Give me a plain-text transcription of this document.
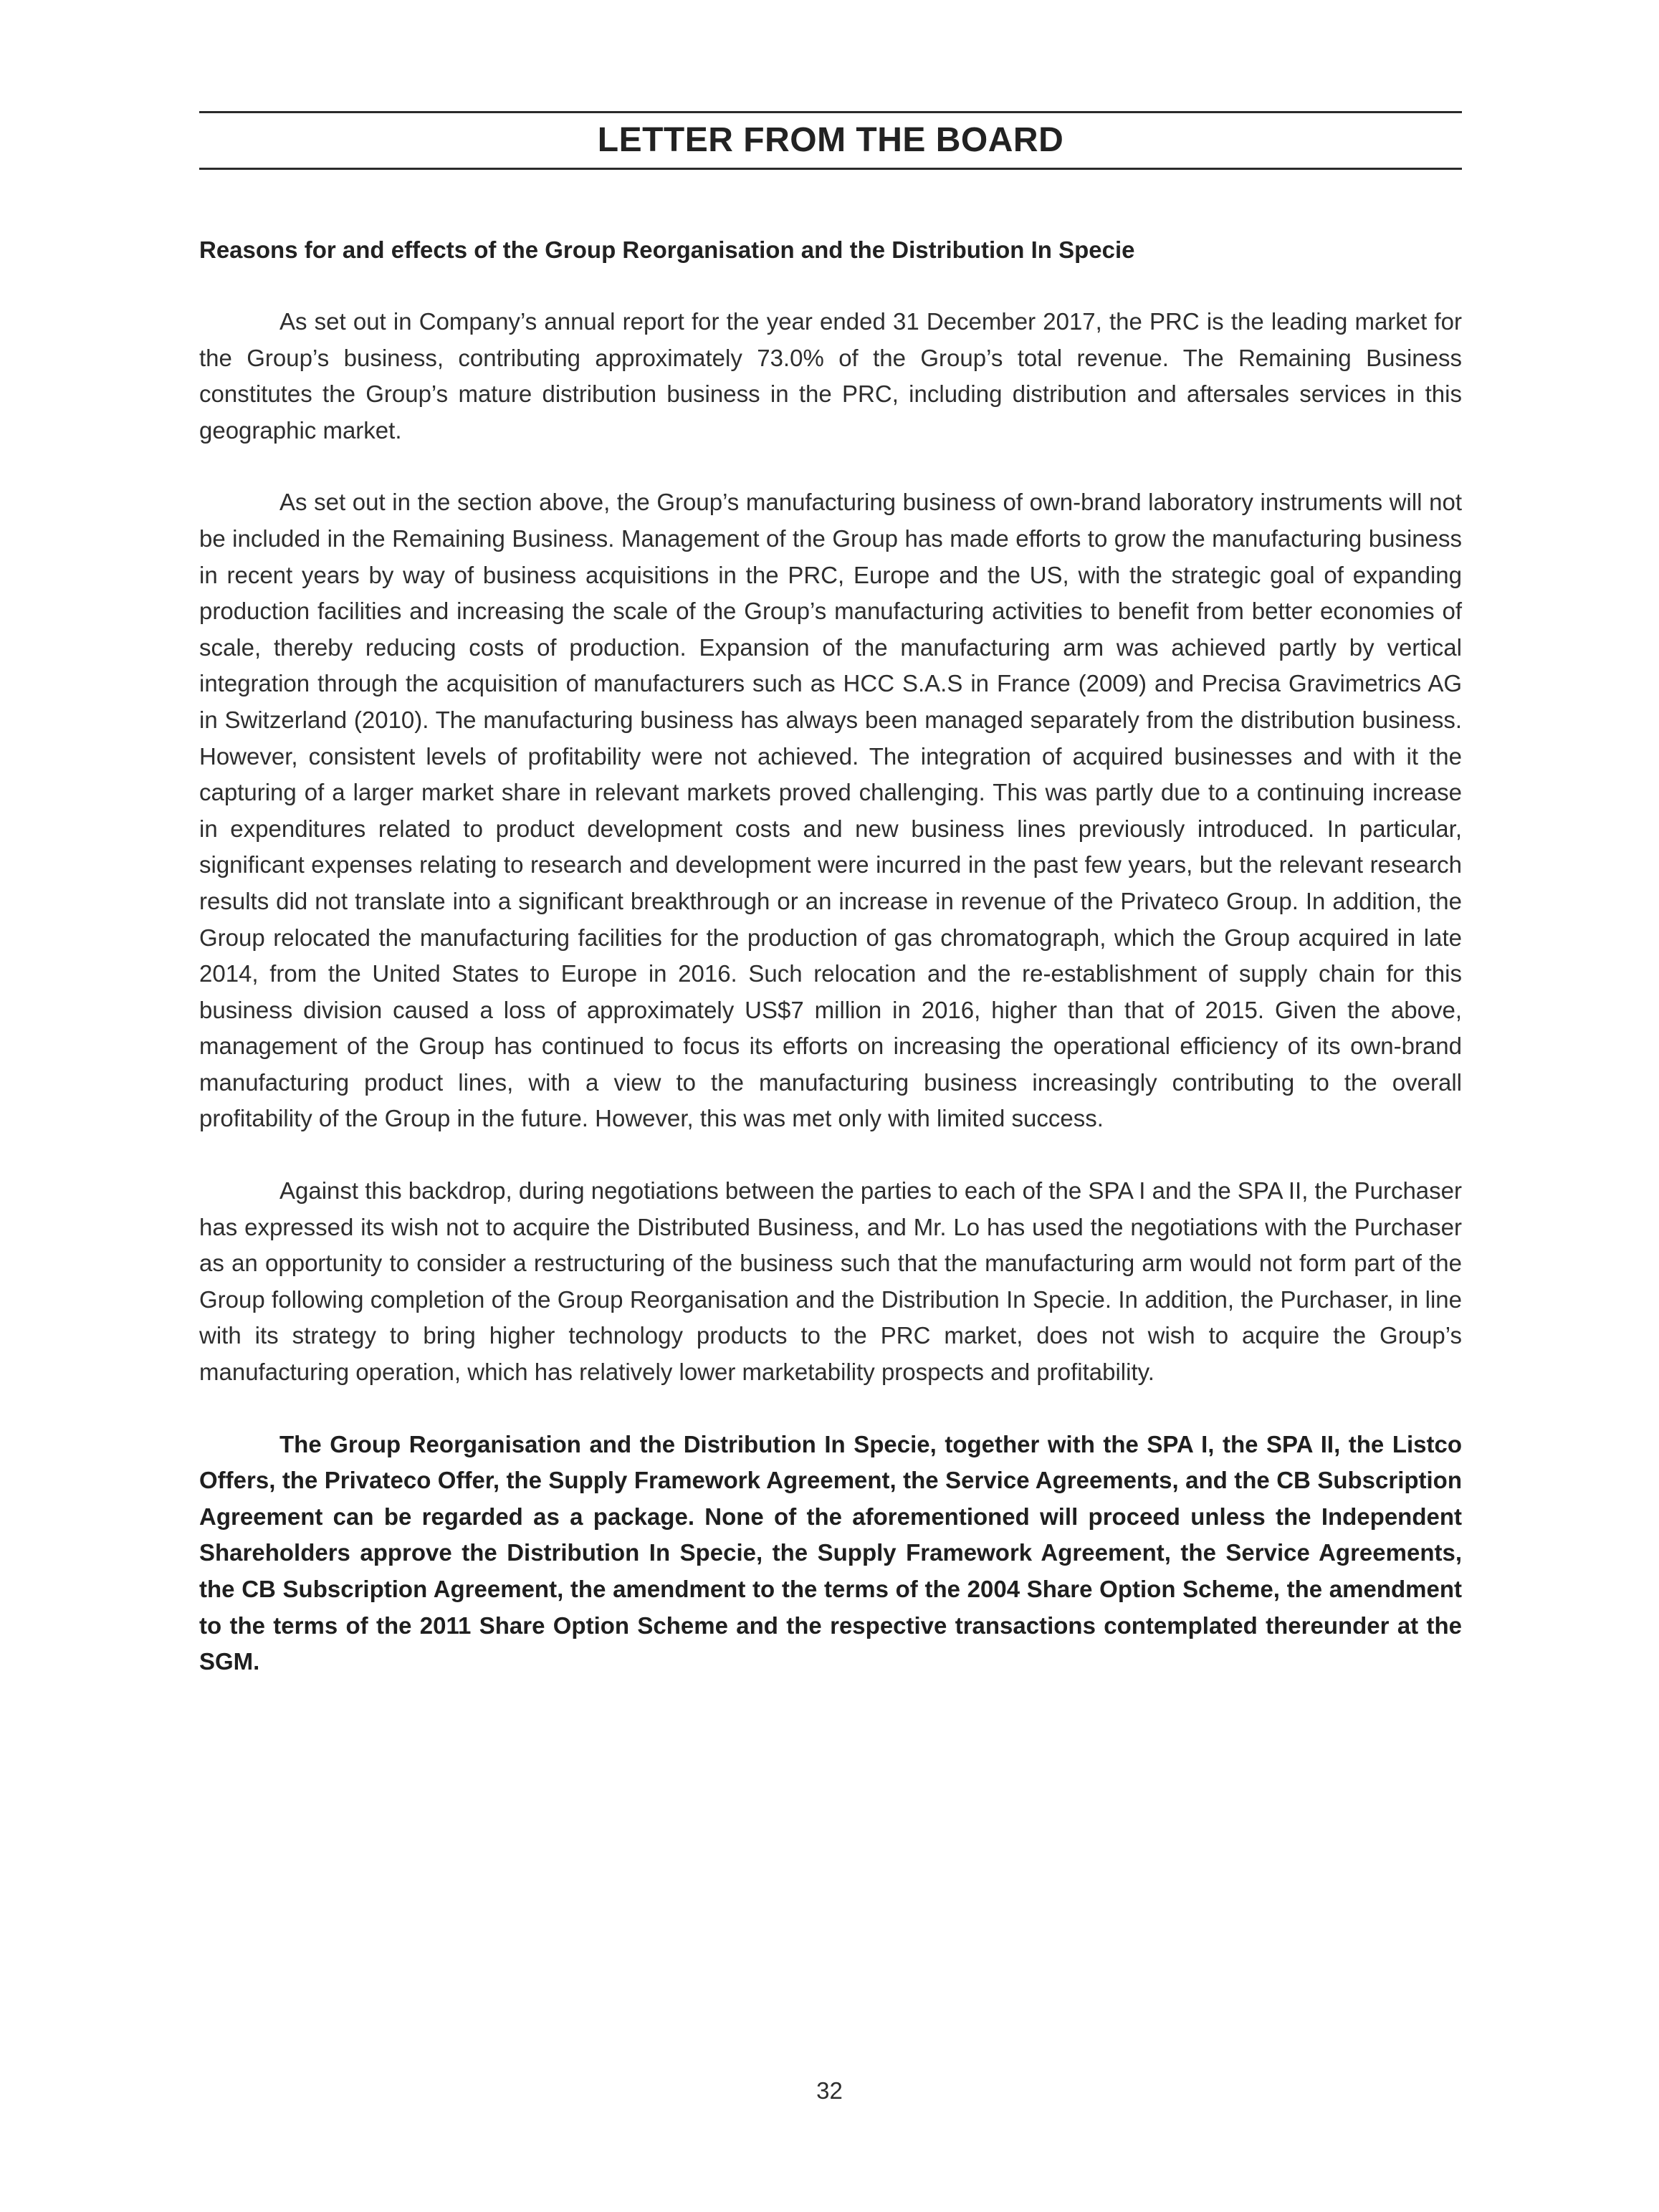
LETTER FROM THE BOARD
Reasons for and effects of the Group Reorganisation and the Distribution In Specie

As set out in Company’s annual report for the year ended 31 December 2017, the PRC is the leading market for the Group’s business, contributing approximately 73.0% of the Group’s total revenue. The Remaining Business constitutes the Group’s mature distribution business in the PRC, including distribution and aftersales services in this geographic market.

As set out in the section above, the Group’s manufacturing business of own-brand laboratory instruments will not be included in the Remaining Business. Management of the Group has made efforts to grow the manufacturing business in recent years by way of business acquisitions in the PRC, Europe and the US, with the strategic goal of expanding production facilities and increasing the scale of the Group’s manufacturing activities to benefit from better economies of scale, thereby reducing costs of production. Expansion of the manufacturing arm was achieved partly by vertical integration through the acquisition of manufacturers such as HCC S.A.S in France (2009) and Precisa Gravimetrics AG in Switzerland (2010). The manufacturing business has always been managed separately from the distribution business. However, consistent levels of profitability were not achieved. The integration of acquired businesses and with it the capturing of a larger market share in relevant markets proved challenging. This was partly due to a continuing increase in expenditures related to product development costs and new business lines previously introduced. In particular, significant expenses relating to research and development were incurred in the past few years, but the relevant research results did not translate into a significant breakthrough or an increase in revenue of the Privateco Group. In addition, the Group relocated the manufacturing facilities for the production of gas chromatograph, which the Group acquired in late 2014, from the United States to Europe in 2016. Such relocation and the re-establishment of supply chain for this business division caused a loss of approximately US$7 million in 2016, higher than that of 2015. Given the above, management of the Group has continued to focus its efforts on increasing the operational efficiency of its own-brand manufacturing product lines, with a view to the manufacturing business increasingly contributing to the overall profitability of the Group in the future. However, this was met only with limited success.

Against this backdrop, during negotiations between the parties to each of the SPA I and the SPA II, the Purchaser has expressed its wish not to acquire the Distributed Business, and Mr. Lo has used the negotiations with the Purchaser as an opportunity to consider a restructuring of the business such that the manufacturing arm would not form part of the Group following completion of the Group Reorganisation and the Distribution In Specie. In addition, the Purchaser, in line with its strategy to bring higher technology products to the PRC market, does not wish to acquire the Group’s manufacturing operation, which has relatively lower marketability prospects and profitability.

The Group Reorganisation and the Distribution In Specie, together with the SPA I, the SPA II, the Listco Offers, the Privateco Offer, the Supply Framework Agreement, the Service Agreements, and the CB Subscription Agreement can be regarded as a package. None of the aforementioned will proceed unless the Independent Shareholders approve the Distribution In Specie, the Supply Framework Agreement, the Service Agreements, the CB Subscription Agreement, the amendment to the terms of the 2004 Share Option Scheme, the amendment to the terms of the 2011 Share Option Scheme and the respective transactions contemplated thereunder at the SGM.

32
